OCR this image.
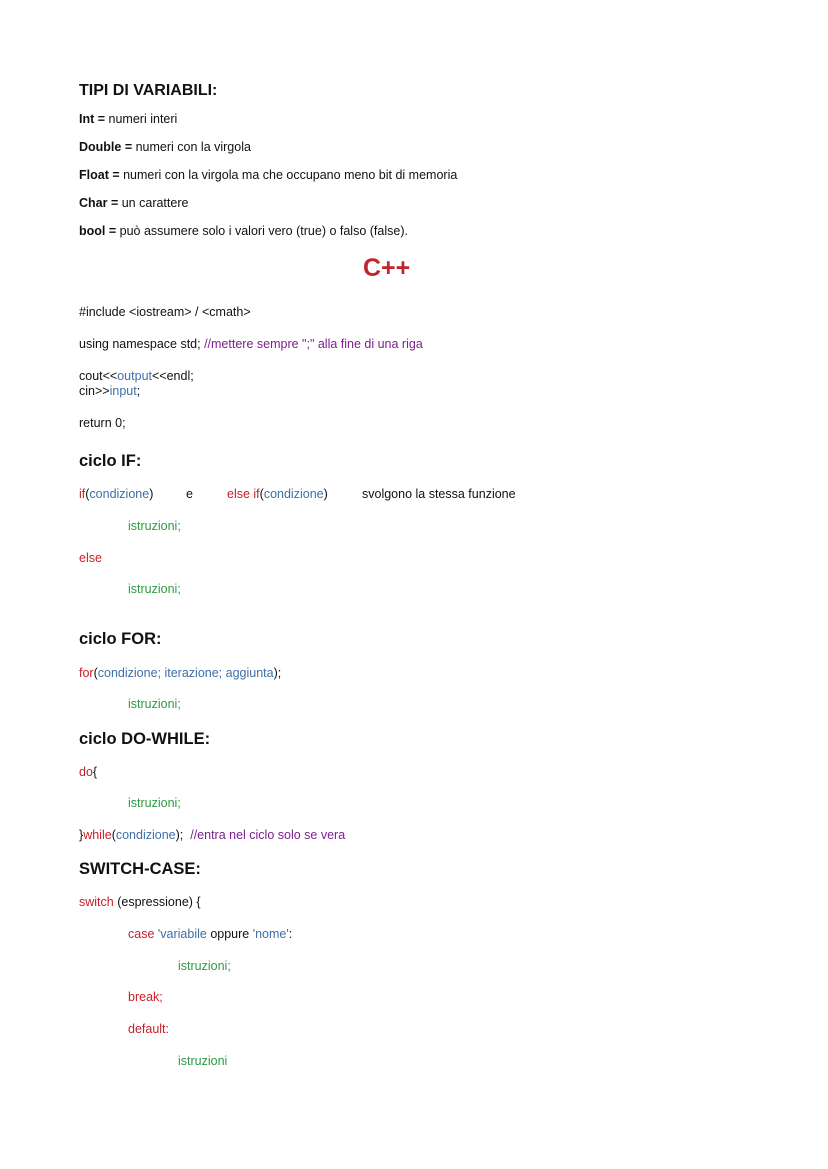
TIPI DI VARIABILI:
Int = numeri interi
Double = numeri con la virgola
Float = numeri con la virgola ma che occupano meno bit di memoria
Char = un carattere
bool = può assumere solo i valori vero (true) o falso (false).
C++
#include <iostream> / <cmath>
using namespace std; //mettere sempre ";" alla fine di una riga
cout<<output<<endl;
cin>>input;
return 0;
ciclo IF:
if(condizione)	e	else if(condizione)	svolgono la stessa funzione
istruzioni;
else
istruzioni;
ciclo FOR:
for(condizione; iterazione; aggiunta);
istruzioni;
ciclo DO-WHILE:
do{
istruzioni;
}while(condizione);  //entra nel ciclo solo se vera
SWITCH-CASE:
switch (espressione) {
case 'variabile oppure 'nome':
istruzioni;
break;
default:
istruzioni
